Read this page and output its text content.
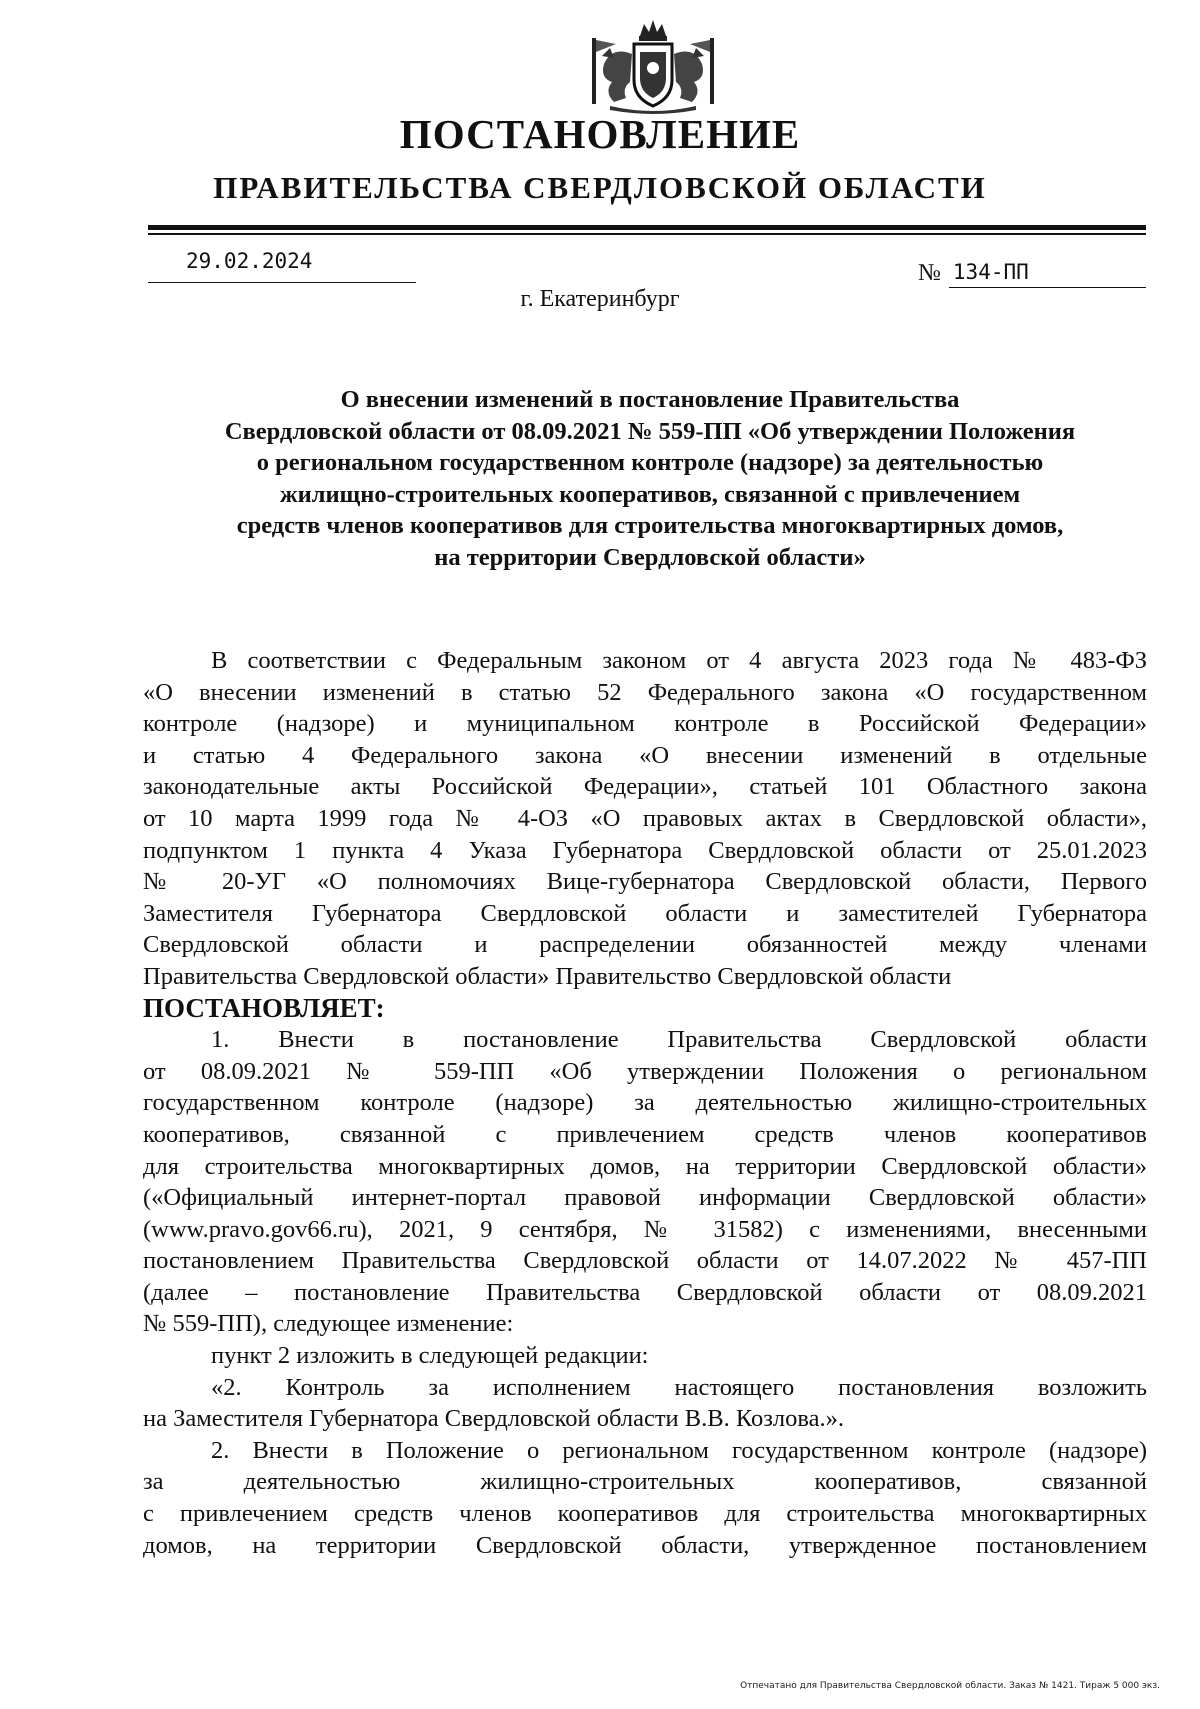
ПОСТАНОВЛЕНИЕ
ПРАВИТЕЛЬСТВА СВЕРДЛОВСКОЙ ОБЛАСТИ
29.02.2024	№ 134-ПП
г. Екатеринбург
О внесении изменений в постановление Правительства
Свердловской области от 08.09.2021 № 559-ПП «Об утверждении Положения
о региональном государственном контроле (надзоре) за деятельностью
жилищно-строительных кооперативов, связанной с привлечением
средств членов кооперативов для строительства многоквартирных домов,
на территории Свердловской области»
В соответствии с Федеральным законом от 4 августа 2023 года № 483-ФЗ
«О внесении изменений в статью 52 Федерального закона «О государственном
контроле (надзоре) и муниципальном контроле в Российской Федерации»
и статью 4 Федерального закона «О внесении изменений в отдельные
законодательные акты Российской Федерации», статьей 101 Областного закона
от 10 марта 1999 года № 4-ОЗ «О правовых актах в Свердловской области»,
подпунктом 1 пункта 4 Указа Губернатора Свердловской области от 25.01.2023
№ 20-УГ «О полномочиях Вице-губернатора Свердловской области, Первого
Заместителя Губернатора Свердловской области и заместителей Губернатора
Свердловской области и распределении обязанностей между членами
Правительства Свердловской области» Правительство Свердловской области
ПОСТАНОВЛЯЕТ:
1. Внести в постановление Правительства Свердловской области
от 08.09.2021 № 559-ПП «Об утверждении Положения о региональном
государственном контроле (надзоре) за деятельностью жилищно-строительных
кооперативов, связанной с привлечением средств членов кооперативов
для строительства многоквартирных домов, на территории Свердловской области»
(«Официальный интернет-портал правовой информации Свердловской области»
(www.pravo.gov66.ru), 2021, 9 сентября, № 31582) с изменениями, внесенными
постановлением Правительства Свердловской области от 14.07.2022 № 457-ПП
(далее – постановление Правительства Свердловской области от 08.09.2021
№ 559-ПП), следующее изменение:
пункт 2 изложить в следующей редакции:
«2. Контроль за исполнением настоящего постановления возложить
на Заместителя Губернатора Свердловской области В.В. Козлова.».
2. Внести в Положение о региональном государственном контроле (надзоре)
за деятельностью жилищно-строительных кооперативов, связанной
с привлечением средств членов кооперативов для строительства многоквартирных
домов, на территории Свердловской области, утвержденное постановлением
Отпечатано для Правительства Свердловской области. Заказ № 1421. Тираж 5 000 экз.
